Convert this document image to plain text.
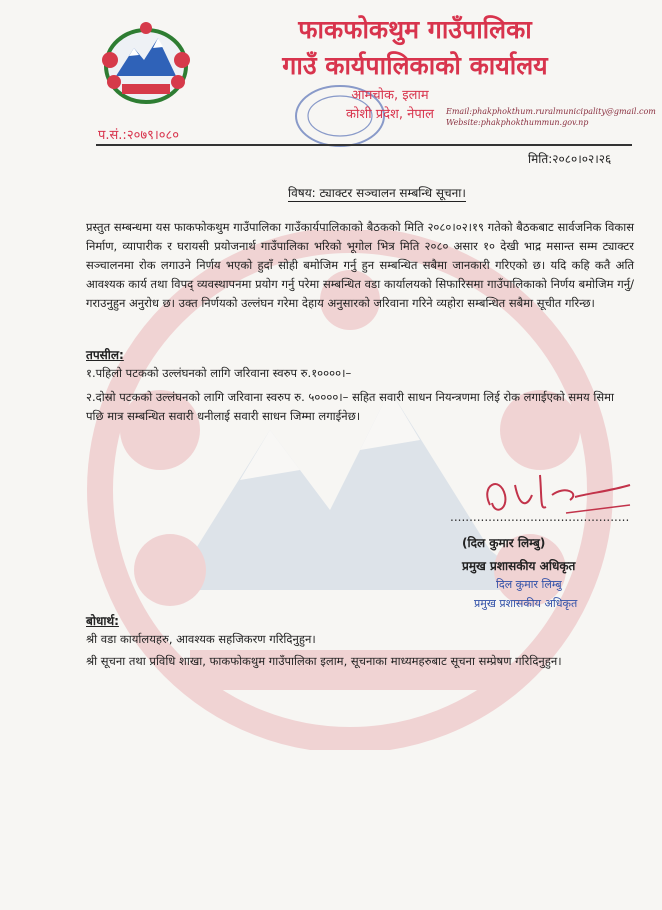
फाकफोकथुम गाउँपालिका
गाउँ कार्यपालिकाको कार्यालय
आमचोक, इलाम
कोशी प्रदेश, नेपाल	Email:phakphokthum.ruralmunicipality@gmail.com
Website:phakphokthummun.gov.np
प.सं.:२०७९।०८०
मिति:२०८०।०२।२६
विषय: ट्याक्टर सञ्चालन सम्बन्धि सूचना।
प्रस्तुत सम्बन्धमा यस फाकफोकथुम गाउँपालिका गाउँकार्यपालिकाको बैठकको मिति २०८०।०२।१९ गतेको बैठकबाट सार्वजनिक विकास निर्माण, व्यापारीक र घरायसी प्रयोजनार्थ गाउँपालिका भरिको भूगोल भित्र मिति २०८० असार १० देखी भाद्र मसान्त सम्म ट्याक्टर सञ्चालनमा रोक लगाउने निर्णय भएको हुदाँ सोही बमोजिम गर्नु हुन सम्बन्धित सबैमा जानकारी गरिएको छ। यदि कहि कतै अति आवश्यक कार्य तथा विपद् व्यवस्थापनमा प्रयोग गर्नु परेमा सम्बन्धित वडा कार्यालयको सिफारिसमा गाउँपालिकाको निर्णय बमोजिम गर्नु/गराउनुहुन अनुरोध छ। उक्त निर्णयको उल्लंघन गरेमा देहाय अनुसारको जरिवाना गरिने व्यहोरा सम्बन्धित सबैमा सूचीत गरिन्छ।
तपसील:
१.पहिलो पटकको उल्लंघनको लागि जरिवाना स्वरुप रु.१००००।–
२.दोस्रो पटकको उल्लंघनको लागि जरिवाना स्वरुप रु. ५००००।– सहित सवारी साधन नियन्त्रणमा लिई रोक लगाईएको समय सिमा पछि मात्र सम्बन्धित सवारी धनीलाई सवारी साधन जिम्मा लगाईनेछ।
...............................................
(दिल कुमार लिम्बु)
प्रमुख प्रशासकीय अधिकृत
दिल कुमार लिम्बु
प्रमुख प्रशासकीय अधिकृत
बोधार्थ:
श्री वडा कार्यालयहरु, आवश्यक सहजिकरण गरिदिनुहुन।
श्री सूचना तथा प्रविधि शाखा, फाकफोकथुम गाउँपालिका इलाम, सूचनाका माध्यमहरुबाट सूचना सम्प्रेषण गरिदिनुहुन।
